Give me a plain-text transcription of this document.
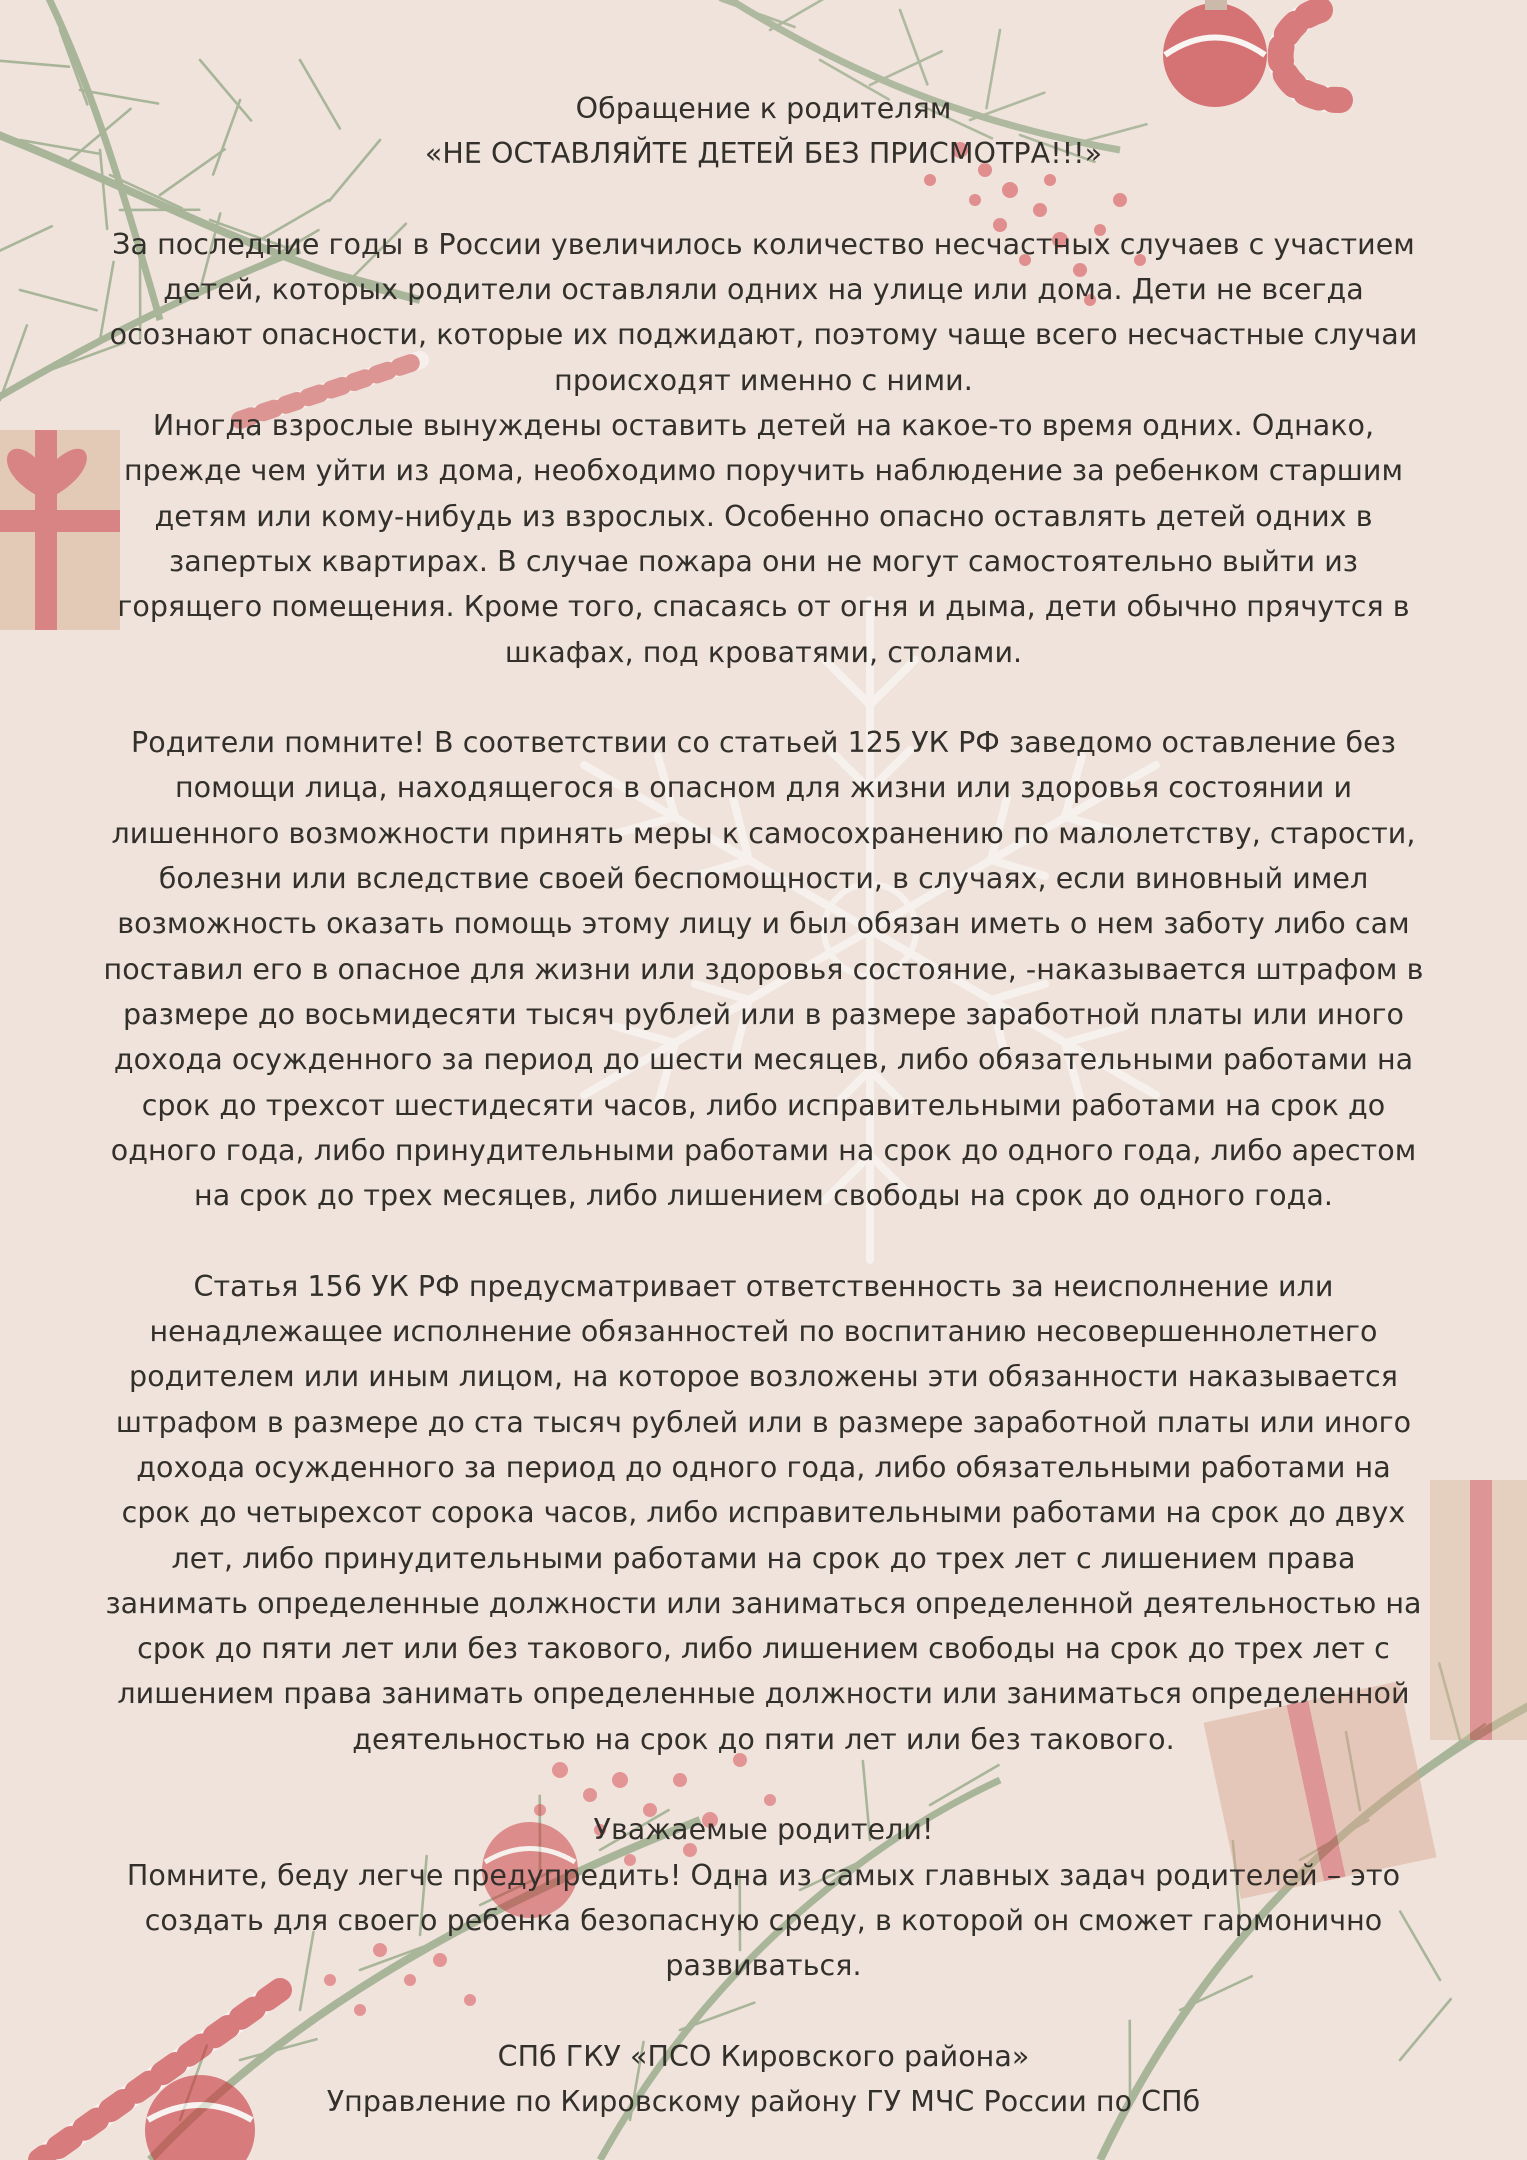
Обращение к родителям

«НЕ ОСТАВЛЯЙТЕ ДЕТЕЙ БЕЗ ПРИСМОТРА!!!»

За последние годы в России увеличилось количество несчастных случаев с участием детей, которых родители оставляли одних на улице или дома. Дети не всегда осознают опасности, которые их поджидают, поэтому чаще всего несчастные случаи происходят именно с ними.

Иногда взрослые вынуждены оставить детей на какое-то время одних. Однако, прежде чем уйти из дома, необходимо поручить наблюдение за ребенком старшим детям или кому-нибудь из взрослых. Особенно опасно оставлять детей одних в запертых квартирах. В случае пожара они не могут самостоятельно выйти из горящего помещения. Кроме того, спасаясь от огня и дыма, дети обычно прячутся в шкафах, под кроватями, столами.

Родители помните! В соответствии со статьей 125 УК РФ заведомо оставление без помощи лица, находящегося в опасном для жизни или здоровья состоянии и лишенного возможности принять меры к самосохранению по малолетству, старости, болезни или вследствие своей беспомощности, в случаях, если виновный имел возможность оказать помощь этому лицу и был обязан иметь о нем заботу либо сам поставил его в опасное для жизни или здоровья состояние, -наказывается штрафом в размере до восьмидесяти тысяч рублей или в размере заработной платы или иного дохода осужденного за период до шести месяцев, либо обязательными работами на срок до трехсот шестидесяти часов, либо исправительными работами на срок до одного года, либо принудительными работами на срок до одного года, либо арестом на срок до трех месяцев, либо лишением свободы на срок до одного года.

Статья 156 УК РФ предусматривает ответственность за неисполнение или ненадлежащее исполнение обязанностей по воспитанию несовершеннолетнего родителем или иным лицом, на которое возложены эти обязанности наказывается штрафом в размере до ста тысяч рублей или в размере заработной платы или иного дохода осужденного за период до одного года, либо обязательными работами на срок до четырехсот сорока часов, либо исправительными работами на срок до двух лет, либо принудительными работами на срок до трех лет с лишением права занимать определенные должности или заниматься определенной деятельностью на срок до пяти лет или без такового, либо лишением свободы на срок до трех лет с лишением права занимать определенные должности или заниматься определенной деятельностью на срок до пяти лет или без такового.

Уважаемые родители!

Помните, беду легче предупредить! Одна из самых главных задач родителей – это создать для своего ребенка безопасную среду, в которой он сможет гармонично развиваться.

СПб ГКУ «ПСО Кировского района»

Управление по Кировскому району ГУ МЧС России по СПб
